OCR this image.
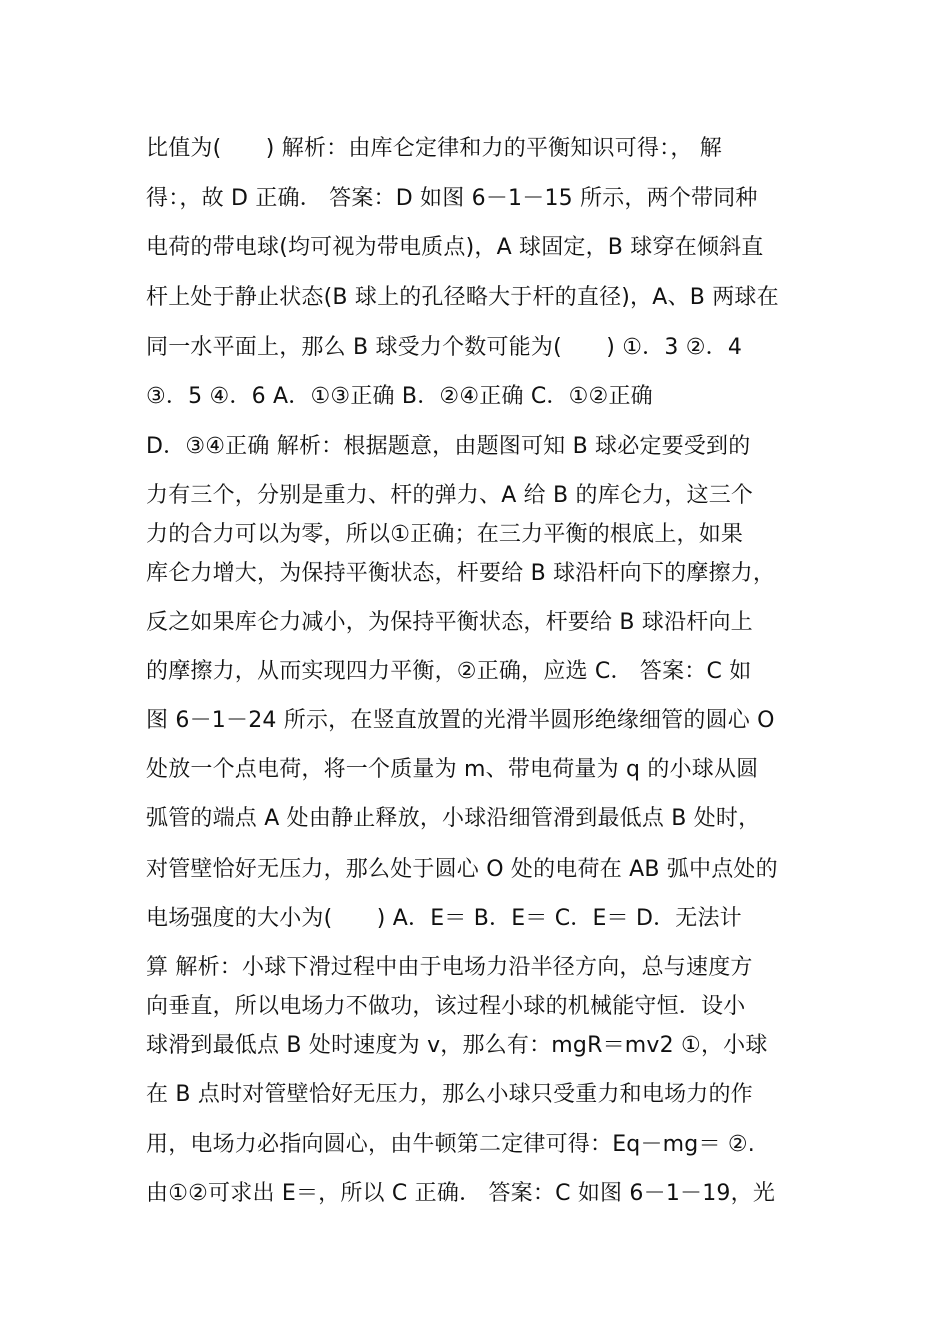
比值为(　　) 解析：由库仑定律和力的平衡知识可得：， 解
得：，故 D 正确． 答案：D 如图 6－1－15 所示，两个带同种
电荷的带电球(均可视为带电质点)，A 球固定，B 球穿在倾斜直
杆上处于静止状态(B 球上的孔径略大于杆的直径)，A、B 两球在
同一水平面上，那么 B 球受力个数可能为(　　) ①．3 ②．4
③．5 ④．6 A．①③正确 B．②④正确 C．①②正确
D．③④正确 解析：根据题意，由题图可知 B 球必定要受到的
力有三个，分别是重力、杆的弹力、A 给 B 的库仑力，这三个
力的合力可以为零，所以①正确；在三力平衡的根底上，如果
库仑力增大，为保持平衡状态，杆要给 B 球沿杆向下的摩擦力，
反之如果库仑力减小，为保持平衡状态，杆要给 B 球沿杆向上
的摩擦力，从而实现四力平衡，②正确，应选 C． 答案：C 如
图 6－1－24 所示，在竖直放置的光滑半圆形绝缘细管的圆心 O
处放一个点电荷，将一个质量为 m、带电荷量为 q 的小球从圆
弧管的端点 A 处由静止释放，小球沿细管滑到最低点 B 处时，
对管壁恰好无压力，那么处于圆心 O 处的电荷在 AB 弧中点处的
电场强度的大小为(　　) A．E＝ B．E＝ C．E＝ D．无法计
算 解析：小球下滑过程中由于电场力沿半径方向，总与速度方
向垂直，所以电场力不做功，该过程小球的机械能守恒．设小
球滑到最低点 B 处时速度为 v，那么有：mgR＝mv2 ①，小球
在 B 点时对管壁恰好无压力，那么小球只受重力和电场力的作
用，电场力必指向圆心，由牛顿第二定律可得：Eq－mg＝ ②.
由①②可求出 E＝，所以 C 正确． 答案：C 如图 6－1－19，光
